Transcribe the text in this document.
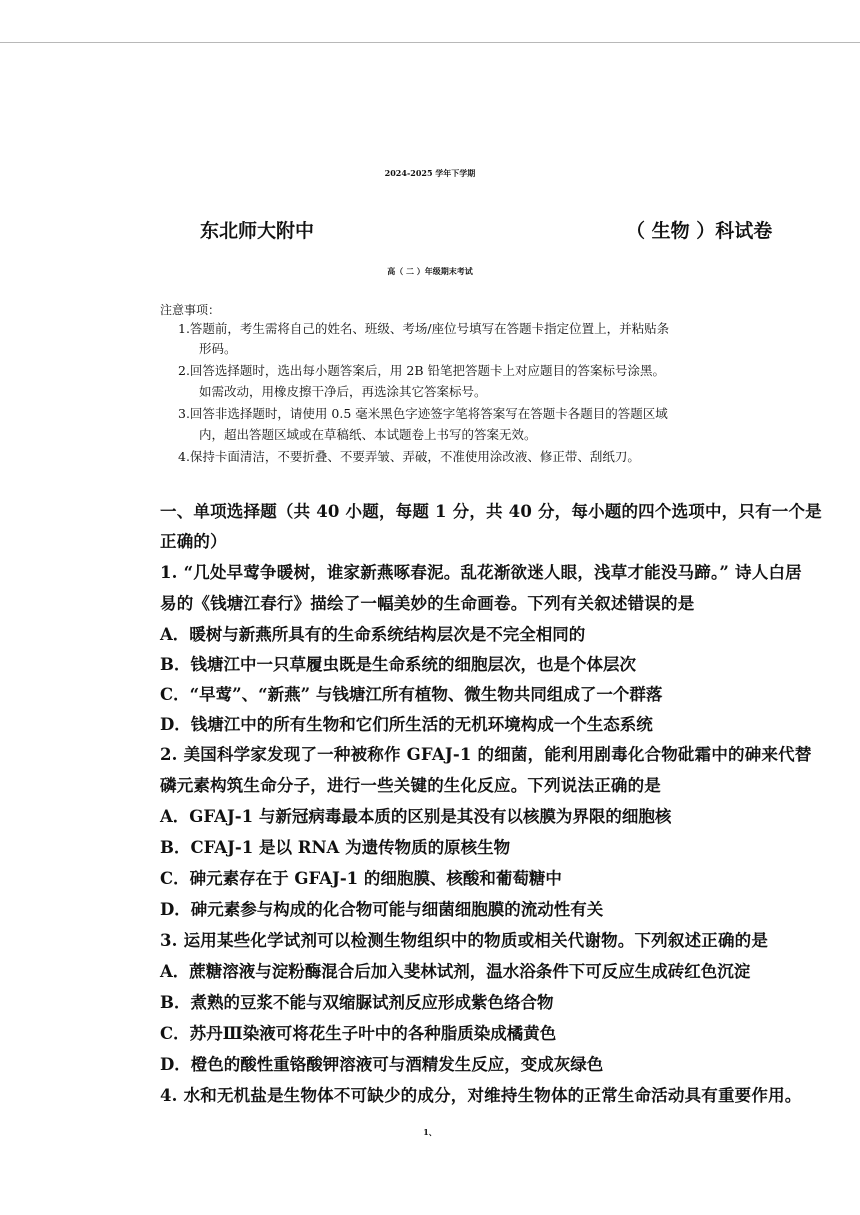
2024-2025 学年下学期
东北师大附中	（ 生物 ）科试卷
高（ 二 ）年级期末考试
注意事项：
1.答题前，考生需将自己的姓名、班级、考场/座位号填写在答题卡指定位置上，并粘贴条
形码。
2.回答选择题时，选出每小题答案后，用 2B 铅笔把答题卡上对应题目的答案标号涂黑。
如需改动，用橡皮擦干净后，再选涂其它答案标号。
3.回答非选择题时，请使用 0.5 毫米黑色字迹签字笔将答案写在答题卡各题目的答题区域
内，超出答题区域或在草稿纸、本试题卷上书写的答案无效。
4.保持卡面清洁，不要折叠、不要弄皱、弄破，不准使用涂改液、修正带、刮纸刀。
一、单项选择题（共 40 小题，每题 1 分，共 40 分，每小题的四个选项中，只有一个是
正确的）
1. “几处早莺争暖树，谁家新燕啄春泥。乱花渐欲迷人眼，浅草才能没马蹄。” 诗人白居
易的《钱塘江春行》描绘了一幅美妙的生命画卷。下列有关叙述错误的是
A．暖树与新燕所具有的生命系统结构层次是不完全相同的
B．钱塘江中一只草履虫既是生命系统的细胞层次，也是个体层次
C．“早莺”、“新燕” 与钱塘江所有植物、微生物共同组成了一个群落
D．钱塘江中的所有生物和它们所生活的无机环境构成一个生态系统
2. 美国科学家发现了一种被称作 GFAJ-1 的细菌，能利用剧毒化合物砒霜中的砷来代替
磷元素构筑生命分子，进行一些关键的生化反应。下列说法正确的是
A．GFAJ-1 与新冠病毒最本质的区别是其没有以核膜为界限的细胞核
B．CFAJ-1 是以 RNA 为遗传物质的原核生物
C．砷元素存在于 GFAJ-1 的细胞膜、核酸和葡萄糖中
D．砷元素参与构成的化合物可能与细菌细胞膜的流动性有关
3. 运用某些化学试剂可以检测生物组织中的物质或相关代谢物。下列叙述正确的是
A．蔗糖溶液与淀粉酶混合后加入斐林试剂，温水浴条件下可反应生成砖红色沉淀
B．煮熟的豆浆不能与双缩脲试剂反应形成紫色络合物
C．苏丹Ⅲ染液可将花生子叶中的各种脂质染成橘黄色
D．橙色的酸性重铬酸钾溶液可与酒精发生反应，变成灰绿色
4. 水和无机盐是生物体不可缺少的成分，对维持生物体的正常生命活动具有重要作用。
1、
